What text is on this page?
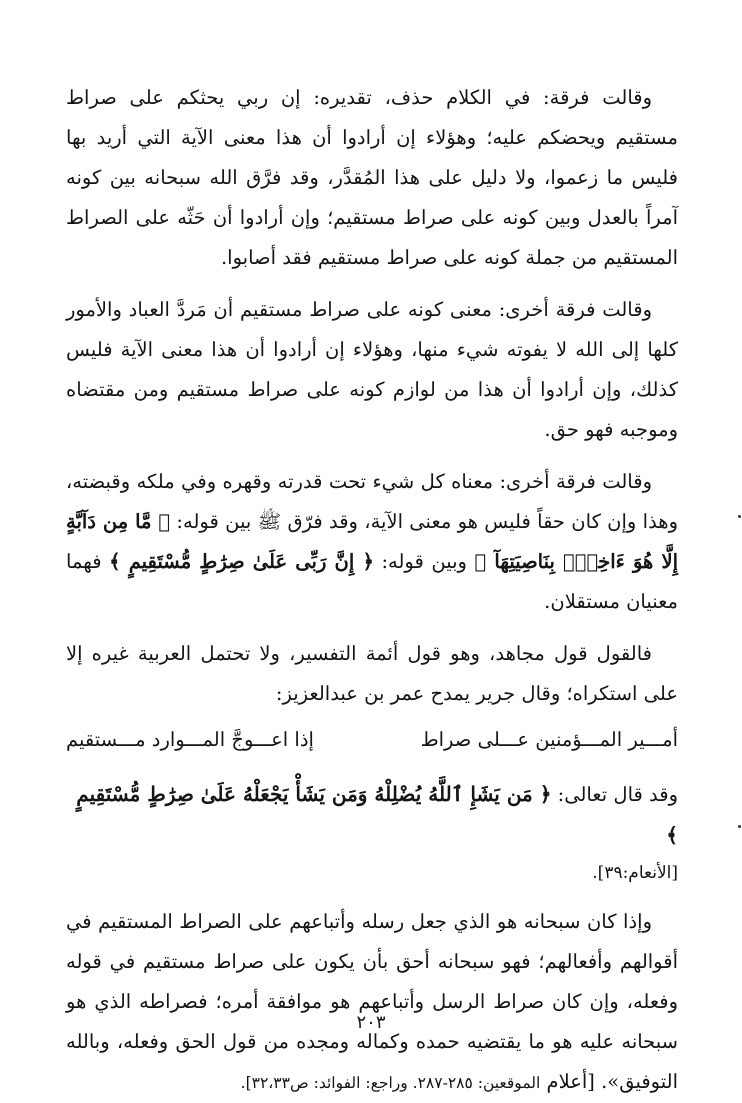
وقالت فرقة: في الكلام حذف، تقديره: إن ربي يحثكم على صراط مستقيم ويحضكم عليه؛ وهؤلاء إن أرادوا أن هذا معنى الآية التي أريد بها فليس ما زعموا، ولا دليل على هذا المُقدَّر، وقد فرَّق الله سبحانه بين كونه آمراً بالعدل وبين كونه على صراط مستقيم؛ وإن أرادوا أن حَثّه على الصراط المستقيم من جملة كونه على صراط مستقيم فقد أصابوا.

وقالت فرقة أخرى: معنى كونه على صراط مستقيم أن مَردَّ العباد والأمور كلها إلى الله لا يفوته شيء منها، وهؤلاء إن أرادوا أن هذا معنى الآية فليس كذلك، وإن أرادوا أن هذا من لوازم كونه على صراط مستقيم ومن مقتضاه وموجبه فهو حق.

وقالت فرقة أخرى: معناه كل شيء تحت قدرته وقهره وفي ملكه وقبضته، وهذا وإن كان حقاً فليس هو معنى الآية، وقد فرّق ﷺ بين قوله: ﴿ مَّا مِن دَآبَّةٍ إِلَّا هُوَ ءَاخِذُۢ بِنَاصِيَتِهَآ ﴾ وبين قوله: ﴿ إِنَّ رَبِّى عَلَىٰ صِرَٰطٍ مُّسْتَقِيمٍ ﴾ فهما معنيان مستقلان.

فالقول قول مجاهد، وهو قول أئمة التفسير، ولا تحتمل العربية غيره إلا على استكراه؛ وقال جرير يمدح عمر بن عبدالعزيز:

أمـــير المـــؤمنين عـــلى صراط
إذا اعـــوجَّ المـــوارد مـــستقيم
وقد قال تعالى: ﴿ مَن يَشَإِ ٱللَّهُ يُضْلِلْهُ وَمَن يَشَأْ يَجْعَلْهُ عَلَىٰ صِرَٰطٍ مُّسْتَقِيمٍ ﴾

[الأنعام:٣٩].

وإذا كان سبحانه هو الذي جعل رسله وأتباعهم على الصراط المستقيم في أقوالهم وأفعالهم؛ فهو سبحانه أحق بأن يكون على صراط مستقيم في قوله وفعله، وإن كان صراط الرسل وأتباعهم هو موافقة أمره؛ فصراطه الذي هو سبحانه عليه هو ما يقتضيه حمده وكماله ومجده من قول الحق وفعله، وبالله التوفيق». [أعلام الموقعين: ٢٨٥-٢٨٧. وراجع: الفوائد: ص٣٢،٣٣].

٢٠٣
